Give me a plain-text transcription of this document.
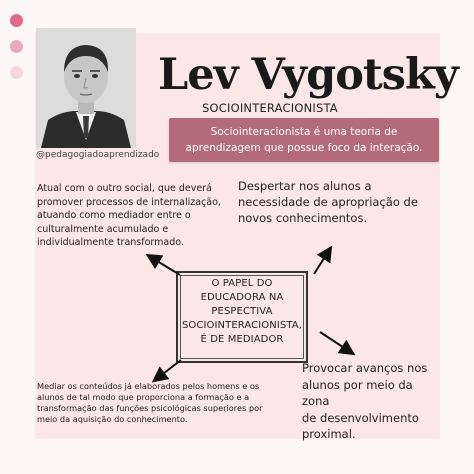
@pedagogiadoaprendizado
Lev Vygotsky
SOCIOINTERACIONISTA
Sociointeracionista é uma teoria de
aprendizagem que possue foco da interação.
Atual com o outro social, que deverá
promover processos de internalização,
atuando como mediador entre o
culturalmente acumulado e
individualmente transformado.
Despertar nos alunos a
necessidade de apropriação de
novos conhecimentos.
O PAPEL DO
EDUCADORA NA
PESPECTIVA
SOCIOINTERACIONISTA,
É DE MEDIADOR
Mediar os conteúdos já elaborados pelos homens e os
alunos de tal modo que proporciona a formação e a
transformação das funções psicológicas superiores por
meio da aquisição do conhecimento.
Provocar avanços nos
alunos por meio da zona
de desenvolvimento
proximal.
